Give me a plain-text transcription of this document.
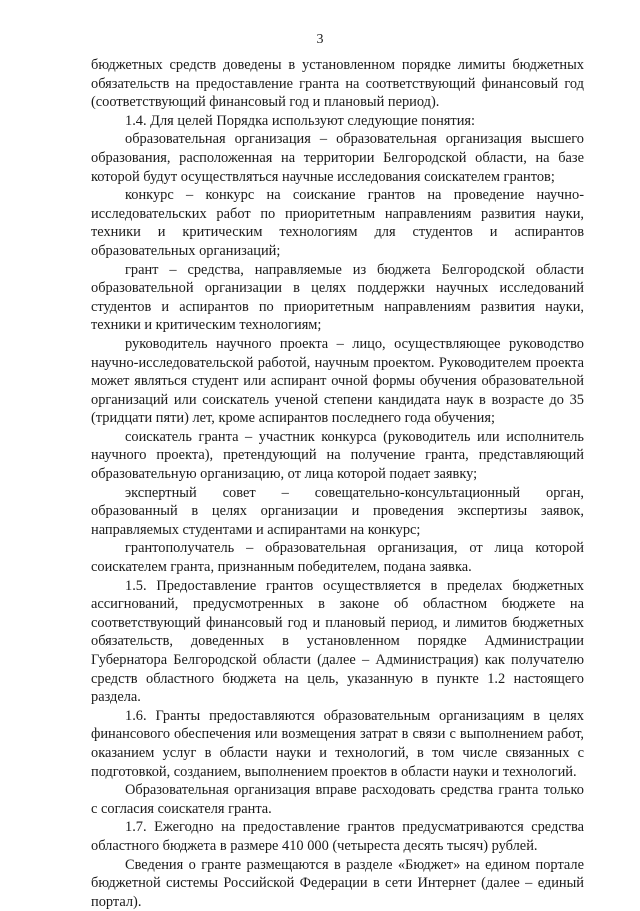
3

бюджетных средств доведены в установленном порядке лимиты бюджетных обязательств на предоставление гранта на соответствующий финансовый год (соответствующий финансовый год и плановый период).

1.4. Для целей Порядка используют следующие понятия:

образовательная организация – образовательная организация высшего образования, расположенная на территории Белгородской области, на базе которой будут осуществляться научные исследования соискателем грантов;

конкурс – конкурс на соискание грантов на проведение научно-исследовательских работ по приоритетным направлениям развития науки, техники и критическим технологиям для студентов и аспирантов образовательных организаций;

грант – средства, направляемые из бюджета Белгородской области образовательной организации в целях поддержки научных исследований студентов и аспирантов по приоритетным направлениям развития науки, техники и критическим технологиям;

руководитель научного проекта – лицо, осуществляющее руководство научно-исследовательской работой, научным проектом. Руководителем проекта может являться студент или аспирант очной формы обучения образовательной организаций или соискатель ученой степени кандидата наук в возрасте до 35 (тридцати пяти) лет, кроме аспирантов последнего года обучения;

соискатель гранта – участник конкурса (руководитель или исполнитель научного проекта), претендующий на получение гранта, представляющий образовательную организацию, от лица которой подает заявку;

экспертный совет – совещательно-консультационный орган, образованный в целях организации и проведения экспертизы заявок, направляемых студентами и аспирантами на конкурс;

грантополучатель – образовательная организация, от лица которой соискателем гранта, признанным победителем, подана заявка.

1.5. Предоставление грантов осуществляется в пределах бюджетных ассигнований, предусмотренных в законе об областном бюджете на соответствующий финансовый год и плановый период, и лимитов бюджетных обязательств, доведенных в установленном порядке Администрации Губернатора Белгородской области (далее – Администрация) как получателю средств областного бюджета на цель, указанную в пункте 1.2 настоящего раздела.

1.6. Гранты предоставляются образовательным организациям в целях финансового обеспечения или возмещения затрат в связи с выполнением работ, оказанием услуг в области науки и технологий, в том числе связанных с подготовкой, созданием, выполнением проектов в области науки и технологий.

Образовательная организация вправе расходовать средства гранта только с согласия соискателя гранта.

1.7. Ежегодно на предоставление грантов предусматриваются средства областного бюджета в размере 410 000 (четыреста десять тысяч) рублей.

Сведения о гранте размещаются в разделе «Бюджет» на едином портале бюджетной системы Российской Федерации в сети Интернет (далее – единый портал).
